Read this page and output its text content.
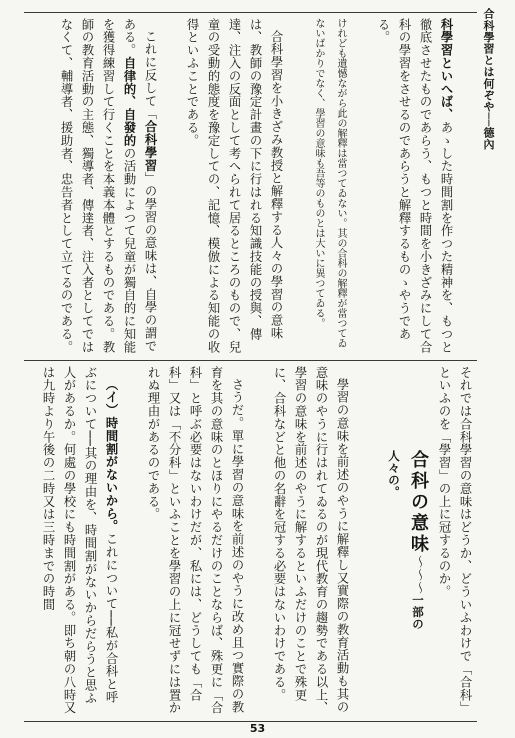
合科學習とは何ぞや──德內

科學習といへば、あゝした時間割を作つた精神を、もつと徹底させたものであらう、もつと時間を小きざみにして合科の學習をさせるのであらうと解釋するものゝやうである。

けれども遺憾ながら此の解釋は當つてゐない。其の合科の解釋が當つてゐないばかりでなく、學習の意味も吾等のものとは大いに異つてゐる。

合科學習を小きざみ教授と解釋する人々の學習の意味は、教師の豫定計畫の下に行はれる知識技能の授與、傳達、注入の反面として考へられて居るところのもので、兒童の受動的態度を豫定しての、記憶、模倣による知能の收得といふことである。

これに反して「合科學習」の學習の意味は、自學の謂である。自律的、自發的の活動によつて兒童が獨自的に知能を獲得練習して行くことを本義本體とするものである。教師の教育活動の主態、獨導者、傳達者、注入者としてではなくて、輔導者、援助者、忠告者として立てるのである。

合科の意味〜〜〜一部の人々の。	それでは合科學習の意味はどうか、どういふわけで「合科」といふのを「學習」の上に冠するのか。

學習の意味を前述のやうに解釋し又實際の教育活動も其の意味のやうに行はれてゐるのが現代教育の趨勢である以上、學習の意味を前述のやうに解するといふだけのことで殊更に、合科などと他の名辭を冠する必要はないわけである。

さうだ。單に學習の意味を前述のやうに改め且つ實際の教育を其の意味のとほりにやるだけのことならば、殊更に「合科」と呼ぶ必要はないわけだが、私には、どうしても「合科」又は「不分科」といふことを學習の上に冠せずには置かれぬ理由があるのである。

（イ）時間割がないから。これについて──私が合科と呼ぶについて──其の理由を、時間割がないからだらうと思ふ人があるか。何處の學校にも時間割がある。即ち朝の八時又は九時より午後の二時又は三時までの時間

53
